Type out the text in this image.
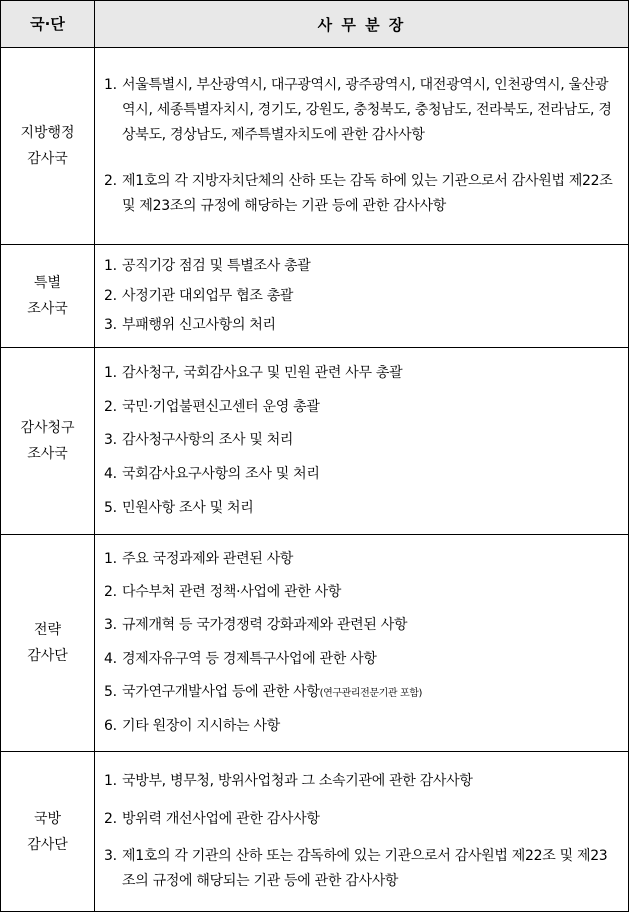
국·단	사 무 분 장
지방행정
감사국
1. 서울특별시, 부산광역시, 대구광역시, 광주광역시, 대전광역시, 인천광역시, 울산광역시, 세종특별자치시, 경기도, 강원도, 충청북도, 충청남도, 전라북도, 전라남도, 경상북도, 경상남도, 제주특별자치도에 관한 감사사항
2. 제1호의 각 지방자치단체의 산하 또는 감독 하에 있는 기관으로서 감사원법 제22조 및 제23조의 규정에 해당하는 기관 등에 관한 감사사항
특별
조사국
1. 공직기강 점검 및 특별조사 총괄
2. 사정기관 대외업무 협조 총괄
3. 부패행위 신고사항의 처리
감사청구
조사국
1. 감사청구, 국회감사요구 및 민원 관련 사무 총괄
2. 국민·기업불편신고센터 운영 총괄
3. 감사청구사항의 조사 및 처리
4. 국회감사요구사항의 조사 및 처리
5. 민원사항 조사 및 처리
전략
감사단
1. 주요 국정과제와 관련된 사항
2. 다수부처 관련 정책·사업에 관한 사항
3. 규제개혁 등 국가경쟁력 강화과제와 관련된 사항
4. 경제자유구역 등 경제특구사업에 관한 사항
5. 국가연구개발사업 등에 관한 사항(연구관리전문기관 포함)
6. 기타 원장이 지시하는 사항
국방
감사단
1. 국방부, 병무청, 방위사업청과 그 소속기관에 관한 감사사항
2. 방위력 개선사업에 관한 감사사항
3. 제1호의 각 기관의 산하 또는 감독하에 있는 기관으로서 감사원법 제22조 및 제23조의 규정에 해당되는 기관 등에 관한 감사사항
